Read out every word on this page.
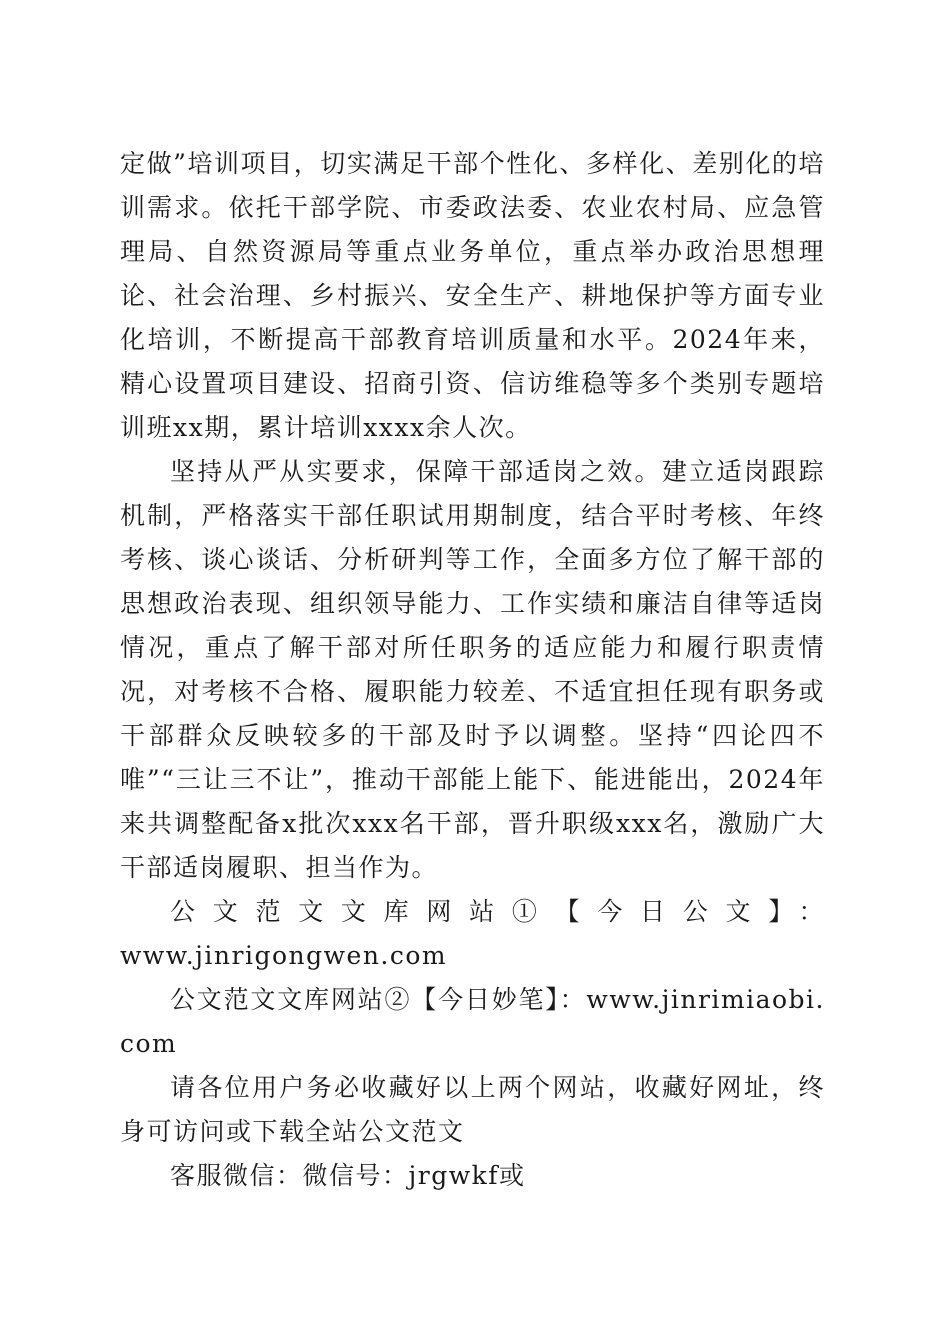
定做”培训项目，切实满足干部个性化、多样化、差别化的培训需求。依托干部学院、市委政法委、农业农村局、应急管理局、自然资源局等重点业务单位，重点举办政治思想理论、社会治理、乡村振兴、安全生产、耕地保护等方面专业化培训，不断提高干部教育培训质量和水平。2024年来，精心设置项目建设、招商引资、信访维稳等多个类别专题培训班xx期，累计培训xxxx余人次。

坚持从严从实要求，保障干部适岗之效。建立适岗跟踪机制，严格落实干部任职试用期制度，结合平时考核、年终考核、谈心谈话、分析研判等工作，全面多方位了解干部的思想政治表现、组织领导能力、工作实绩和廉洁自律等适岗情况，重点了解干部对所任职务的适应能力和履行职责情况，对考核不合格、履职能力较差、不适宜担任现有职务或干部群众反映较多的干部及时予以调整。坚持“四论四不唯”“三让三不让”，推动干部能上能下、能进能出，2024年来共调整配备x批次xxx名干部，晋升职级xxx名，激励广大干部适岗履职、担当作为。

公文范文文库网站①【今日公文】：

www.jinrigongwen.com

公文范文文库网站②【今日妙笔】：www.jinrimiaobi.com

请各位用户务必收藏好以上两个网站，收藏好网址，终身可访问或下载全站公文范文

客服微信：微信号：jrgwkf或
